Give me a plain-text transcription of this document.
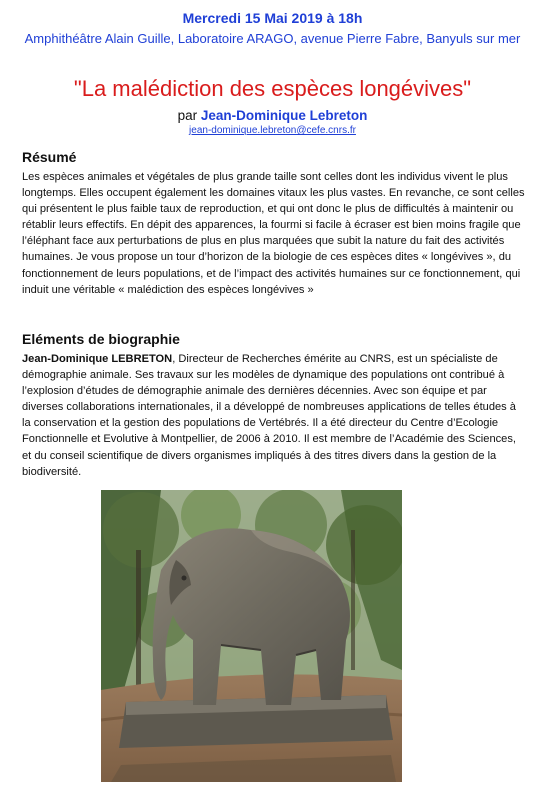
Mercredi 15 Mai 2019 à 18h
Amphithéâtre Alain Guille, Laboratoire ARAGO, avenue Pierre Fabre, Banyuls sur mer
"La malédiction des espèces longévives"
par Jean-Dominique Lebreton
jean-dominique.lebreton@cefe.cnrs.fr
Résumé
Les espèces animales et végétales de plus grande taille sont celles dont les individus vivent le plus longtemps. Elles occupent également les domaines vitaux les plus vastes. En revanche, ce sont celles qui présentent le plus faible taux de reproduction, et qui ont donc le plus de difficultés à maintenir ou rétablir leurs effectifs. En dépit des apparences, la fourmi si facile à écraser est bien moins fragile que l’éléphant face aux perturbations de plus en plus marquées que subit la nature du fait des activités humaines. Je vous propose un tour d’horizon de la biologie de ces espèces dites « longévives », du fonctionnement de leurs populations, et de l’impact des activités humaines sur ce fonctionnement, qui induit une véritable « malédiction des espèces longévives »
Eléments de biographie
Jean-Dominique LEBRETON, Directeur de Recherches émérite au CNRS, est un spécialiste de démographie animale. Ses travaux sur les modèles de dynamique des populations ont contribué à l’explosion d’études de démographie animale des dernières décennies. Avec son équipe et par diverses collaborations internationales, il a développé de nombreuses applications de telles études à la conservation et la gestion des populations de Vertébrés. Il a été directeur du Centre d’Ecologie Fonctionnelle et Evolutive à Montpellier, de 2006 à 2010. Il est membre de l’Académie des Sciences, et du conseil scientifique de divers organismes impliqués à des titres divers dans la gestion de la biodiversité.
